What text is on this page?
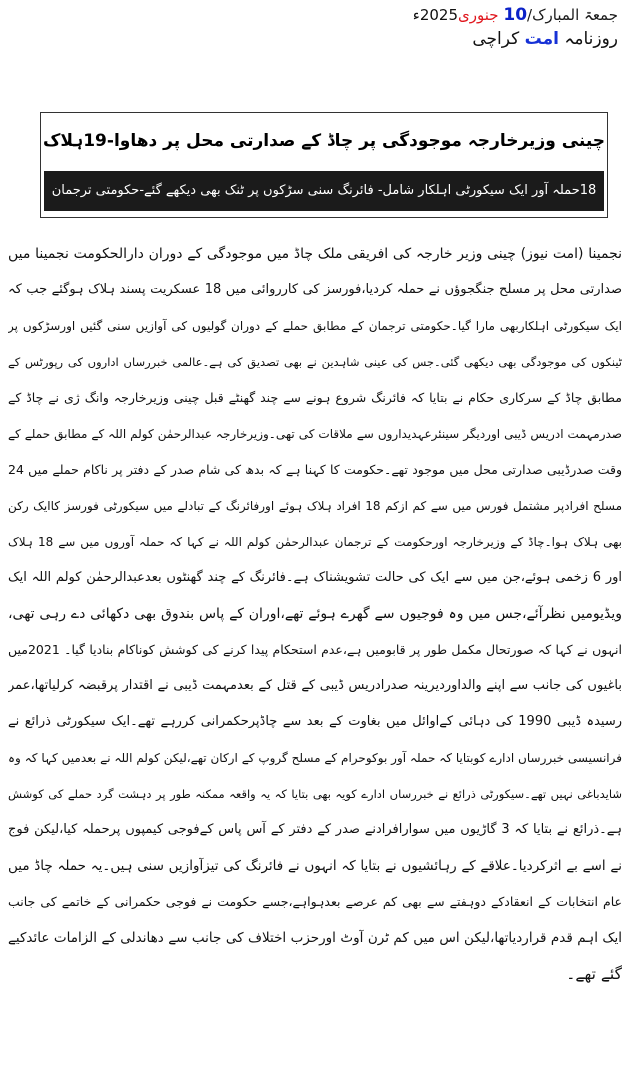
جمعۃ المبارک/10 جنوری2025ء
روزنامہ امت کراچی
چینی وزیرخارجہ موجودگی پر چاڈ کے صدارتی محل پر دھاوا-19ہلاک
18حملہ آور ایک سیکورٹی اہلکار شامل- فائرنگ سنی سڑکوں پر ٹنک بھی دیکھے گئے-حکومتی ترجمان
نجمینا (امت نیوز) چینی وزیر خارجہ کی افریقی ملک چاڈ میں موجودگی کے دوران دارالحکومت نجمینا میں
صدارتی محل پر مسلح جنگجوؤں نے حملہ کردیا،فورسز کی کارروائی میں 18 عسکریت پسند ہلاک ہوگئے جب کہ
ایک سیکورٹی اہلکاربھی مارا گیا۔حکومتی ترجمان کے مطابق حملے کے دوران گولیوں کی آوازیں سنی گئیں اورسڑکوں پر
ٹینکوں کی موجودگی بھی دیکھی گئی۔جس کی عینی شاہدین نے بھی تصدیق کی ہے۔عالمی خبررساں اداروں کی رپورٹس کے
مطابق چاڈ کے سرکاری حکام نے بتایا کہ فائرنگ شروع ہونے سے چند گھنٹے قبل چینی وزیرخارجہ وانگ ژی نے چاڈ کے
صدرمہمت ادریس ڈیبی اوردیگر سینئرعہدیداروں سے ملاقات کی تھی۔وزیرخارجہ عبدالرحمٰن کولم اللہ کے مطابق حملے کے
وقت صدرڈیبی صدارتی محل میں موجود تھے۔حکومت کا کہنا ہے کہ بدھ کی شام صدر کے دفتر پر ناکام حملے میں 24
مسلح افرادپر مشتمل فورس میں سے کم ازکم 18 افراد ہلاک ہوئے اورفائرنگ کے تبادلے میں سیکورٹی فورسز کاایک رکن
بھی ہلاک ہوا۔چاڈ کے وزیرخارجہ اورحکومت کے ترجمان عبدالرحمٰن کولم اللہ نے کہا کہ حملہ آوروں میں سے 18 ہلاک
اور 6 زخمی ہوئے،جن میں سے ایک کی حالت تشویشناک ہے۔فائرنگ کے چند گھنٹوں بعدعبدالرحمٰن کولم اللہ ایک
ویڈیومیں نظرآئے،جس میں وہ فوجیوں سے گھرے ہوئے تھے،اوران کے پاس بندوق بھی دکھائی دے رہی تھی،
انہوں نے کہا کہ صورتحال مکمل طور پر قابومیں ہے،عدم استحکام پیدا کرنے کی کوشش کوناکام بنادیا گیا۔ 2021میں
باغیوں کی جانب سے اپنے والداوردیرینہ صدرادریس ڈیبی کے قتل کے بعدمہمت ڈیبی نے اقتدار پرقبضہ کرلیاتھا،عمر
رسیدہ ڈیبی 1990 کی دہائی کےاوائل میں بغاوت کے بعد سے چاڈپرحکمرانی کررہے تھے۔ایک سیکورٹی ذرائع نے
فرانسیسی خبررساں ادارے کوبتایا کہ حملہ آور بوکوحرام کے مسلح گروپ کے ارکان تھے،لیکن کولم اللہ نے بعدمیں کہا کہ وہ
شایدباغی نہیں تھے۔سیکورٹی ذرائع نے خبررساں ادارے کویہ بھی بتایا کہ یہ واقعہ ممکنہ طور پر دہشت گرد حملے کی کوشش
ہے۔ذرائع نے بتایا کہ 3 گاڑیوں میں سوارافرادنے صدر کے دفتر کے آس پاس کےفوجی کیمپوں پرحملہ کیا،لیکن فوج
نے اسے بے اثرکردیا۔علاقے کے رہائشیوں نے بتایا کہ انہوں نے فائرنگ کی تیزآوازیں سنی ہیں۔یہ حملہ چاڈ میں
عام انتخابات کے انعقادکے دوہفتے سے بھی کم عرصے بعدہواہے،جسے حکومت نے فوجی حکمرانی کے خاتمے کی جانب
ایک اہم قدم قراردیاتھا،لیکن اس میں کم ٹرن آوٹ اورحزب اختلاف کی جانب سے دھاندلی کے الزامات عائدکیے
گئے تھے۔
